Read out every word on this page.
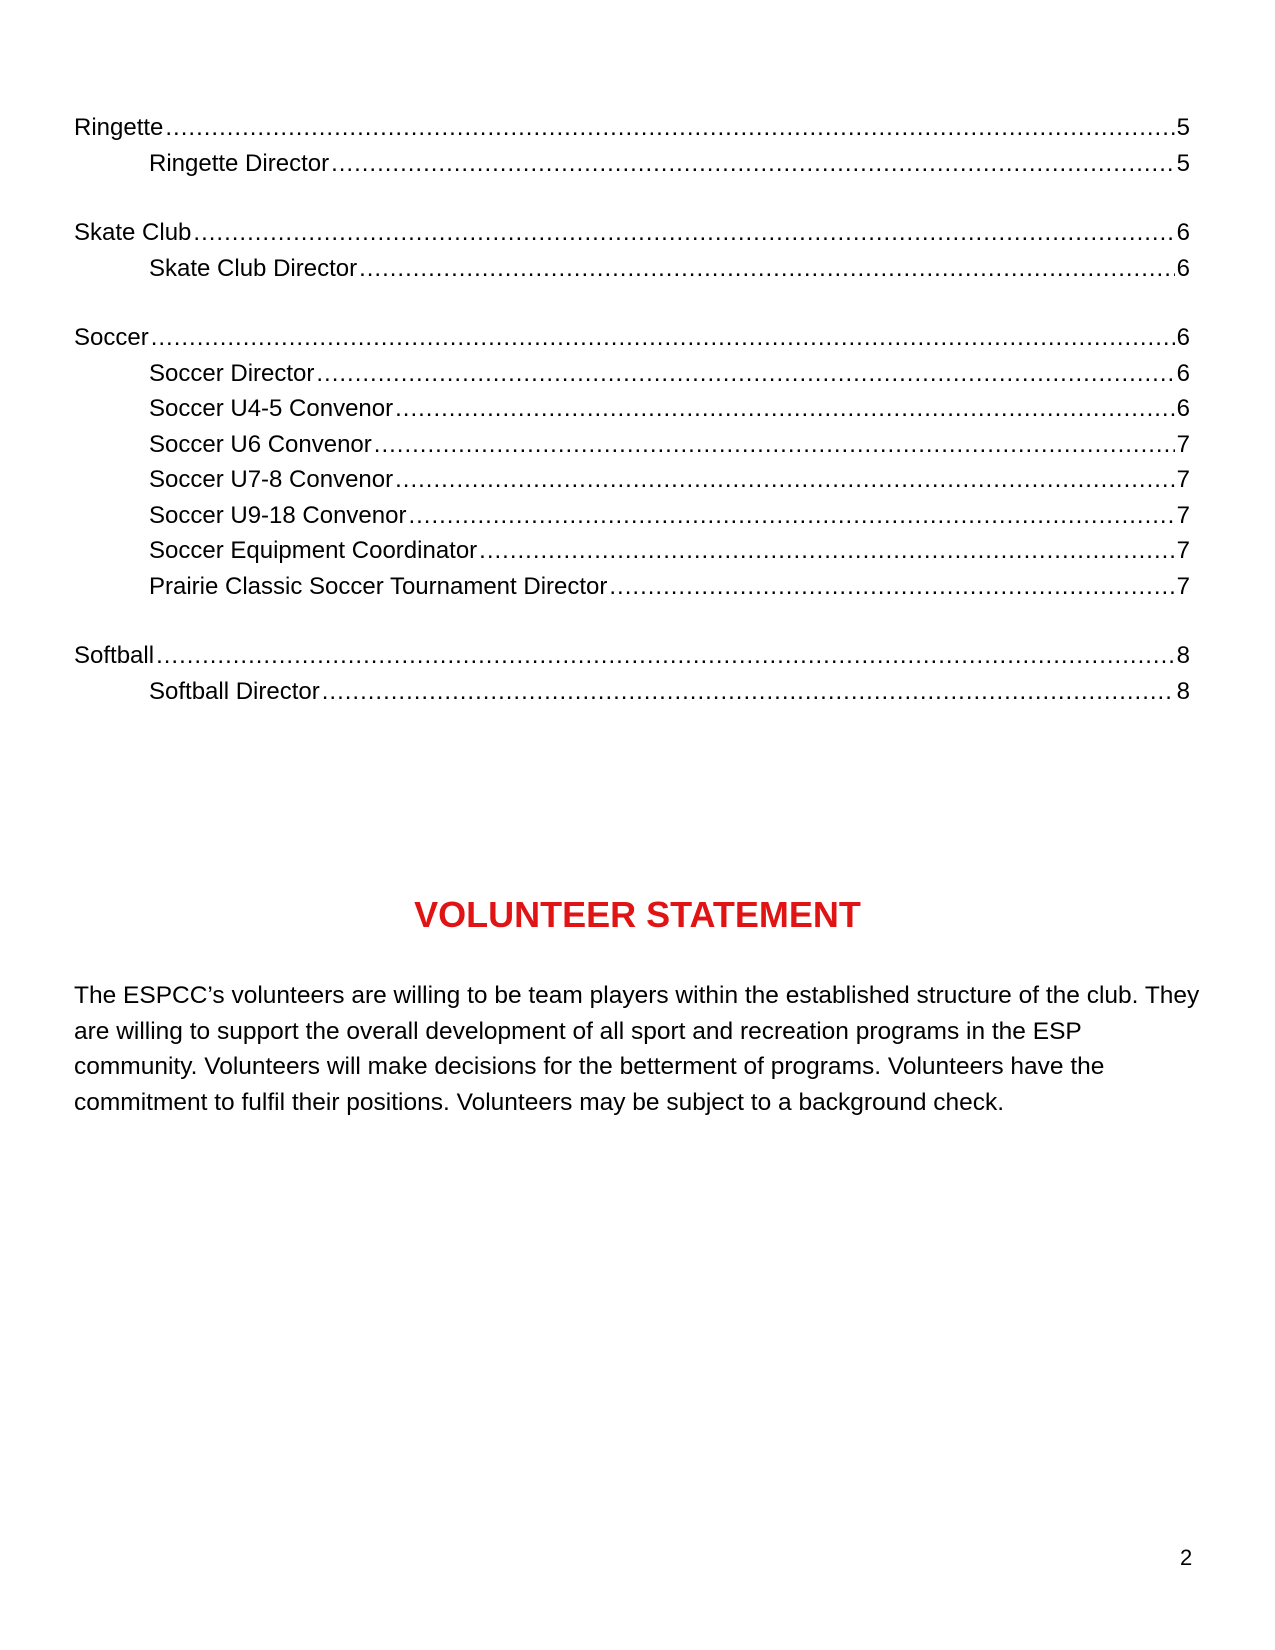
Ringette .....	5
Ringette Director .....	5
Skate Club .....	6
Skate Club Director .....	6
Soccer .....	6
Soccer Director .....	6
Soccer U4-5 Convenor .....	6
Soccer U6 Convenor .....	7
Soccer U7-8 Convenor .....	7
Soccer U9-18 Convenor .....	7
Soccer Equipment Coordinator .....	7
Prairie Classic Soccer Tournament Director .....	7
Softball .....	8
Softball Director .....	8
VOLUNTEER STATEMENT

The ESPCC’s volunteers are willing to be team players within the established structure of the club. They are willing to support the overall development of all sport and recreation programs in the ESP community. Volunteers will make decisions for the betterment of programs. Volunteers have the commitment to fulfil their positions. Volunteers may be subject to a background check.

2
